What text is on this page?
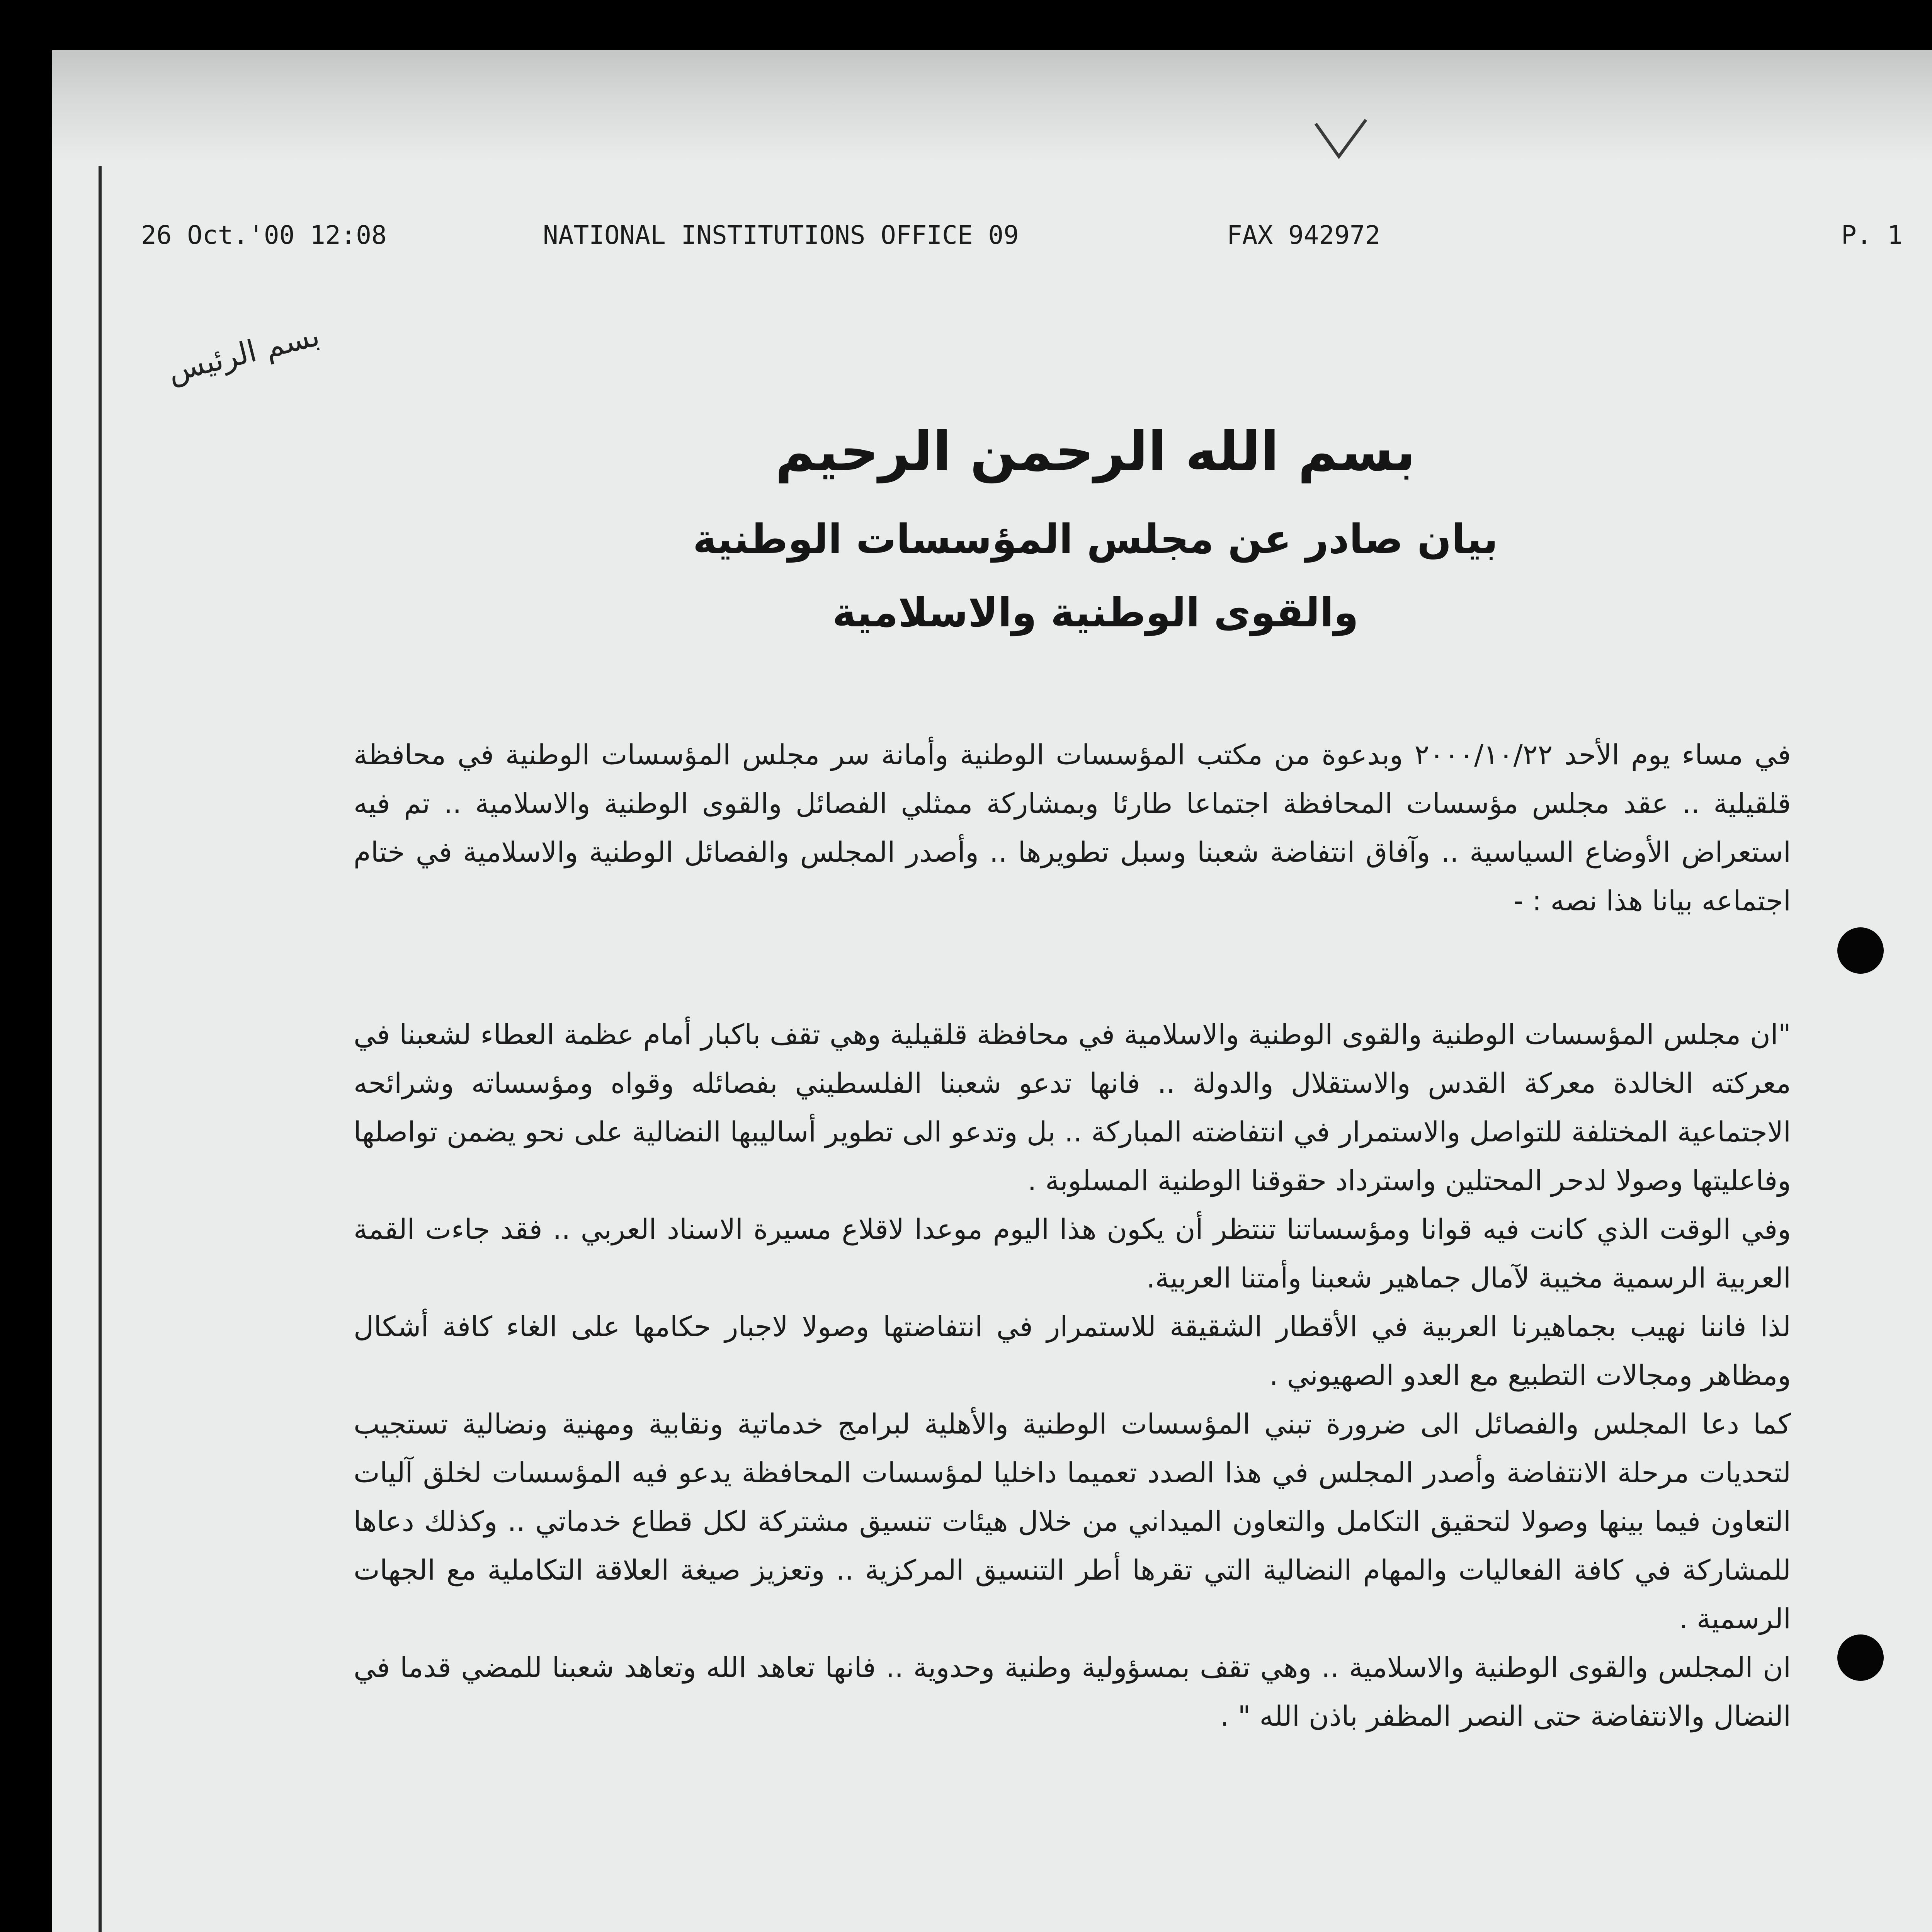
26 Oct.'00 12:08	NATIONAL INSTITUTIONS OFFICE 09	FAX 942972	P. 1
بسم الرئيس
بسم الله الرحمن الرحيم
بيان صادر عن مجلس المؤسسات الوطنية
والقوى الوطنية والاسلامية

في مساء يوم الأحد ٢٠٠٠/١٠/٢٢ وبدعوة من مكتب المؤسسات الوطنية وأمانة سر مجلس المؤسسات الوطنية في محافظة قلقيلية .. عقد مجلس مؤسسات المحافظة اجتماعا طارئا وبمشاركة ممثلي الفصائل والقوى الوطنية والاسلامية .. تم فيه استعراض الأوضاع السياسية .. وآفاق انتفاضة شعبنا وسبل تطويرها .. وأصدر المجلس والفصائل الوطنية والاسلامية في ختام اجتماعه بيانا هذا نصه : -

"ان مجلس المؤسسات الوطنية والقوى الوطنية والاسلامية في محافظة قلقيلية وهي تقف باكبار أمام عظمة العطاء لشعبنا في معركته الخالدة معركة القدس والاستقلال والدولة .. فانها تدعو شعبنا الفلسطيني بفصائله وقواه ومؤسساته وشرائحه الاجتماعية المختلفة للتواصل والاستمرار في انتفاضته المباركة .. بل وتدعو الى تطوير أساليبها النضالية على نحو يضمن تواصلها وفاعليتها وصولا لدحر المحتلين واسترداد حقوقنا الوطنية المسلوبة .

وفي الوقت الذي كانت فيه قوانا ومؤسساتنا تنتظر أن يكون هذا اليوم موعدا لاقلاع مسيرة الاسناد العربي .. فقد جاءت القمة العربية الرسمية مخيبة لآمال جماهير شعبنا وأمتنا العربية.

لذا فاننا نهيب بجماهيرنا العربية في الأقطار الشقيقة للاستمرار في انتفاضتها وصولا لاجبار حكامها على الغاء كافة أشكال ومظاهر ومجالات التطبيع مع العدو الصهيوني .

كما دعا المجلس والفصائل الى ضرورة تبني المؤسسات الوطنية والأهلية لبرامج خدماتية ونقابية ومهنية ونضالية تستجيب لتحديات مرحلة الانتفاضة وأصدر المجلس في هذا الصدد تعميما داخليا لمؤسسات المحافظة يدعو فيه المؤسسات لخلق آليات التعاون فيما بينها وصولا لتحقيق التكامل والتعاون الميداني من خلال هيئات تنسيق مشتركة لكل قطاع خدماتي .. وكذلك دعاها للمشاركة في كافة الفعاليات والمهام النضالية التي تقرها أطر التنسيق المركزية .. وتعزيز صيغة العلاقة التكاملية مع الجهات الرسمية .

ان المجلس والقوى الوطنية والاسلامية .. وهي تقف بمسؤولية وطنية وحدوية .. فانها تعاهد الله وتعاهد شعبنا للمضي قدما في النضال والانتفاضة حتى النصر المظفر باذن الله " .
